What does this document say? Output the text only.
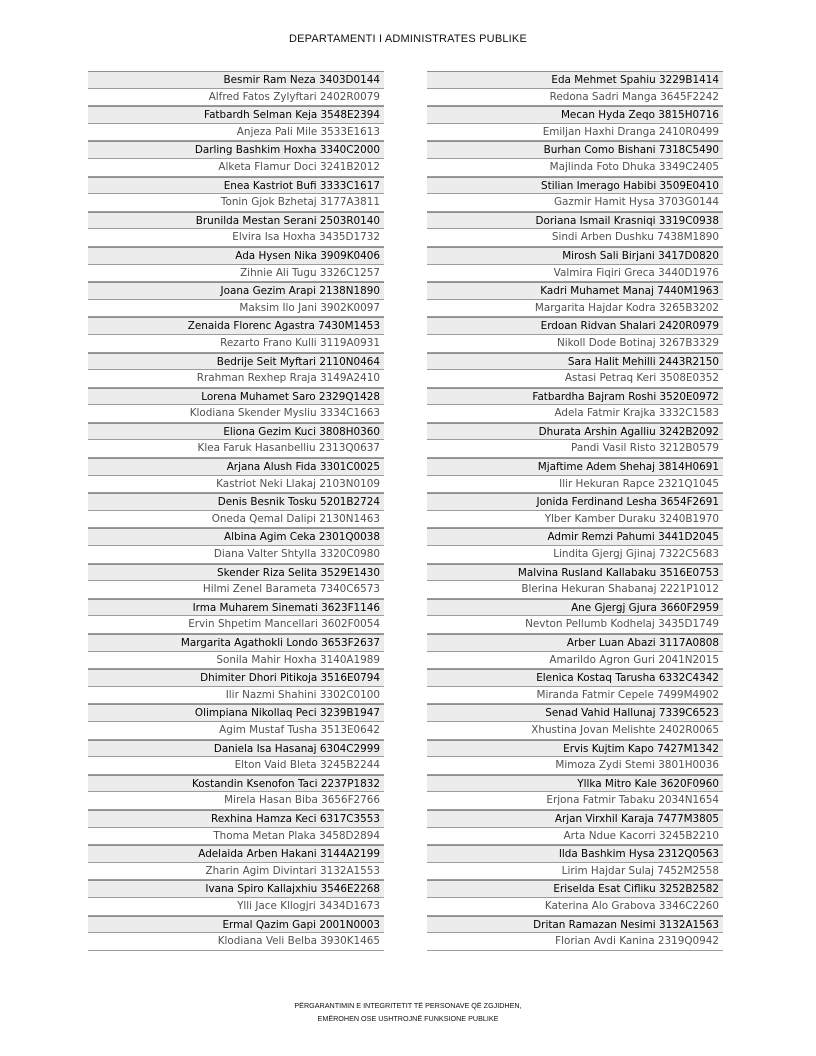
DEPARTAMENTI I ADMINISTRATES PUBLIKE
Besmir Ram Neza 3403D0144
Alfred Fatos Zylyftari 2402R0079
Fatbardh Selman Keja 3548E2394
Anjeza Pali Mile 3533E1613
Darling Bashkim Hoxha 3340C2000
Alketa Flamur Doci 3241B2012
Enea Kastriot Bufi 3333C1617
Tonin Gjok Bzhetaj 3177A3811
Brunilda Mestan Serani 2503R0140
Elvira Isa Hoxha 3435D1732
Ada Hysen Nika 3909K0406
Zihnie Ali Tugu 3326C1257
Joana Gezim Arapi 2138N1890
Maksim Ilo Jani 3902K0097
Zenaida Florenc Agastra 7430M1453
Rezarto Frano Kulli 3119A0931
Bedrije Seit Myftari 2110N0464
Rrahman Rexhep Rraja 3149A2410
Lorena Muhamet Saro 2329Q1428
Klodiana Skender Mysliu 3334C1663
Eliona Gezim Kuci 3808H0360
Klea Faruk Hasanbelliu 2313Q0637
Arjana Alush Fida 3301C0025
Kastriot Neki Llakaj 2103N0109
Denis Besnik Tosku 5201B2724
Oneda Qemal Dalipi 2130N1463
Albina Agim Ceka 2301Q0038
Diana Valter Shtylla 3320C0980
Skender Riza Selita 3529E1430
Hilmi Zenel Barameta 7340C6573
Irma Muharem Sinemati 3623F1146
Ervin Shpetim Mancellari 3602F0054
Margarita Agathokli Londo 3653F2637
Sonila Mahir Hoxha 3140A1989
Dhimiter Dhori Pitikoja 3516E0794
Ilir Nazmi Shahini 3302C0100
Olimpiana Nikollaq Peci 3239B1947
Agim Mustaf Tusha 3513E0642
Daniela Isa Hasanaj 6304C2999
Elton Vaid Bleta 3245B2244
Kostandin Ksenofon Taci 2237P1832
Mirela Hasan Biba 3656F2766
Rexhina Hamza Keci 6317C3553
Thoma Metan Plaka 3458D2894
Adelaida Arben Hakani 3144A2199
Zharin Agim Divintari 3132A1553
Ivana Spiro Kallajxhiu 3546E2268
Ylli Jace Kllogjri 3434D1673
Ermal Qazim Gapi 2001N0003
Klodiana Veli Belba 3930K1465
Eda Mehmet Spahiu 3229B1414
Redona Sadri Manga 3645F2242
Mecan Hyda Zeqo 3815H0716
Emiljan Haxhi Dranga 2410R0499
Burhan Como Bishani 7318C5490
Majlinda Foto Dhuka 3349C2405
Stilian Imerago Habibi 3509E0410
Gazmir Hamit Hysa 3703G0144
Doriana Ismail Krasniqi 3319C0938
Sindi Arben Dushku 7438M1890
Mirosh Sali Birjani 3417D0820
Valmira Fiqiri Greca 3440D1976
Kadri Muhamet Manaj 7440M1963
Margarita Hajdar Kodra 3265B3202
Erdoan Ridvan Shalari 2420R0979
Nikoll Dode Botinaj 3267B3329
Sara Halit Mehilli 2443R2150
Astasi Petraq Keri 3508E0352
Fatbardha Bajram Roshi 3520E0972
Adela Fatmir Krajka 3332C1583
Dhurata Arshin Agalliu 3242B2092
Pandi Vasil Risto 3212B0579
Mjaftime Adem Shehaj 3814H0691
Ilir Hekuran Rapce 2321Q1045
Jonida Ferdinand Lesha 3654F2691
Ylber Kamber Duraku 3240B1970
Admir Remzi Pahumi 3441D2045
Lindita Gjergj Gjinaj 7322C5683
Malvina Rusland Kallabaku 3516E0753
Blerina Hekuran Shabanaj 2221P1012
Ane Gjergj Gjura 3660F2959
Nevton Pellumb Kodhelaj 3435D1749
Arber Luan Abazi 3117A0808
Amarildo Agron Guri 2041N2015
Elenica Kostaq Tarusha 6332C4342
Miranda Fatmir Cepele 7499M4902
Senad Vahid Hallunaj 7339C6523
Xhustina Jovan Melishte 2402R0065
Ervis Kujtim Kapo 7427M1342
Mimoza Zydi Stemi 3801H0036
Yllka Mitro Kale 3620F0960
Erjona Fatmir Tabaku 2034N1654
Arjan Virxhil Karaja 7477M3805
Arta Ndue Kacorri 3245B2210
Ilda Bashkim Hysa 2312Q0563
Lirim Hajdar Sulaj 7452M2558
Eriselda Esat Cifliku 3252B2582
Katerina Alo Grabova 3346C2260
Dritan Ramazan Nesimi 3132A1563
Florian Avdi Kanina 2319Q0942
PËRGARANTIMIN E INTEGRITETIT TË PERSONAVE QË ZGJIDHEN,
EMËROHEN OSE USHTROJNË FUNKSIONE PUBLIKE
